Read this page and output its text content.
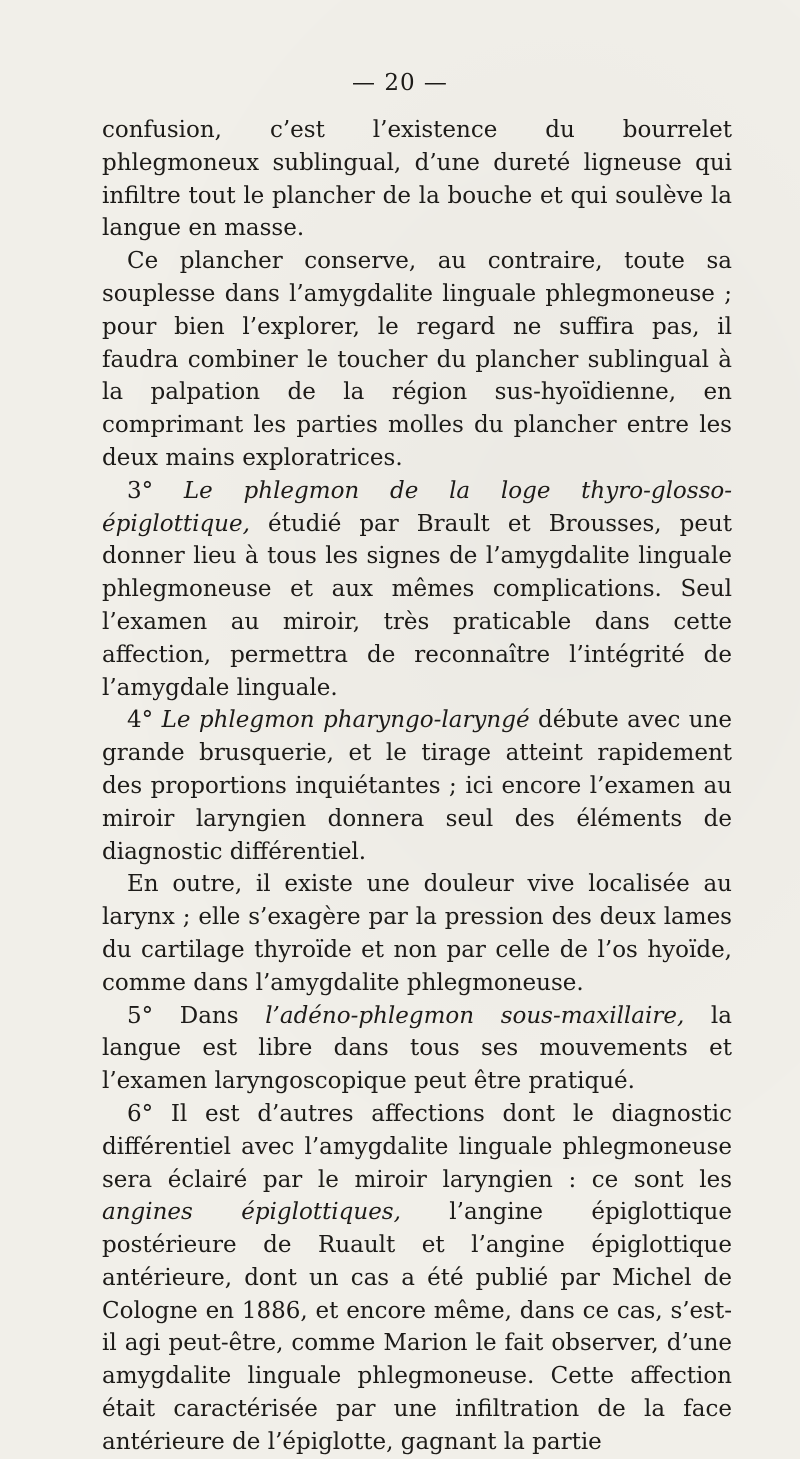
— 20 —

confusion, c’est l’existence du bourrelet phlegmoneux sublingual, d’une dureté ligneuse qui infiltre tout le plancher de la bouche et qui soulève la langue en masse.

Ce plancher conserve, au contraire, toute sa souplesse dans l’amygdalite linguale phlegmoneuse ; pour bien l’explorer, le regard ne suffira pas, il faudra combiner le toucher du plancher sublingual à la palpation de la région sus-hyoïdienne, en comprimant les parties molles du plancher entre les deux mains exploratrices.

3° Le phlegmon de la loge thyro-glosso-épiglottique, étudié par Brault et Brousses, peut donner lieu à tous les signes de l’amygdalite linguale phlegmoneuse et aux mêmes complications. Seul l’examen au miroir, très praticable dans cette affection, permettra de reconnaître l’intégrité de l’amygdale linguale.

4° Le phlegmon pharyngo-laryngé débute avec une grande brusquerie, et le tirage atteint rapidement des proportions inquiétantes ; ici encore l’examen au miroir laryngien donnera seul des éléments de diagnostic différentiel.

En outre, il existe une douleur vive localisée au larynx ; elle s’exagère par la pression des deux lames du cartilage thyroïde et non par celle de l’os hyoïde, comme dans l’amygdalite phlegmoneuse.

5° Dans l’adéno-phlegmon sous-maxillaire, la langue est libre dans tous ses mouvements et l’examen laryngoscopique peut être pratiqué.

6° Il est d’autres affections dont le diagnostic différentiel avec l’amygdalite linguale phlegmoneuse sera éclairé par le miroir laryngien : ce sont les angines épiglottiques, l’angine épiglottique postérieure de Ruault et l’angine épiglottique antérieure, dont un cas a été publié par Michel de Cologne en 1886, et encore même, dans ce cas, s’est-il agi peut-être, comme Marion le fait observer, d’une amygdalite linguale phlegmoneuse. Cette affection était caractérisée par une infiltration de la face antérieure de l’épiglotte, gagnant la partie
